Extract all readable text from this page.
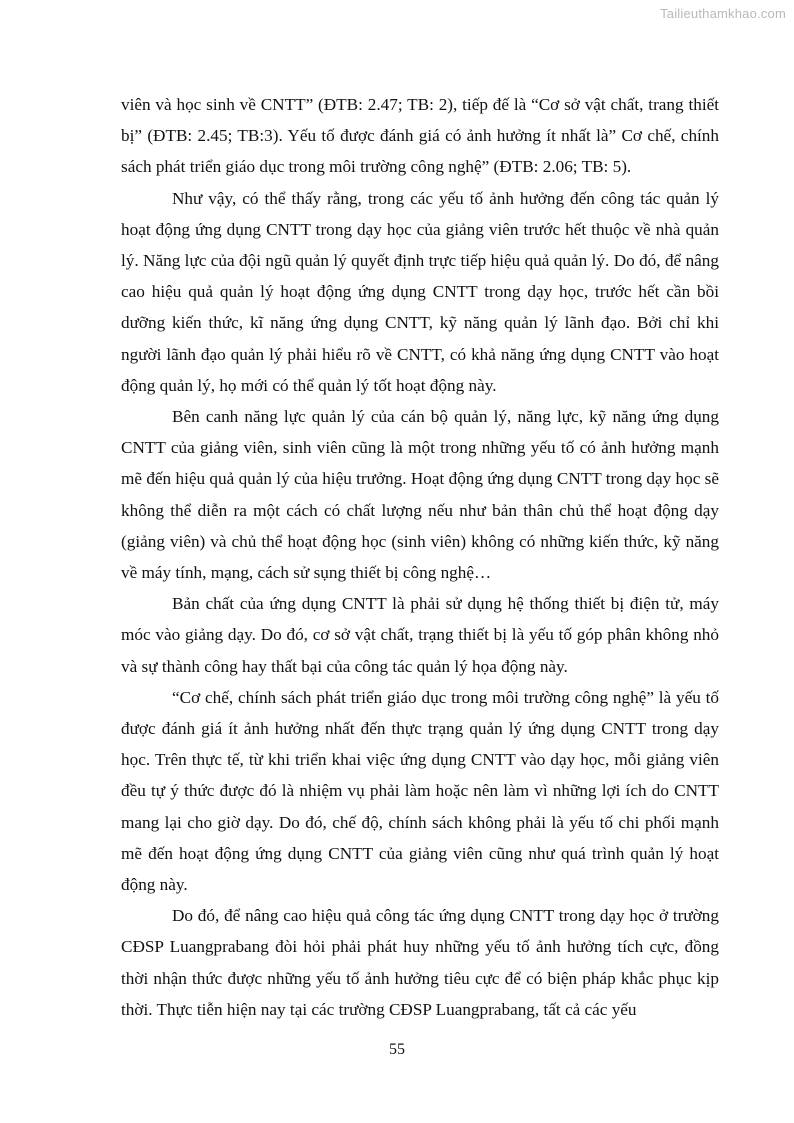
Tailieuthamkhao.com

viên và học sinh về CNTT” (ĐTB: 2.47; TB: 2), tiếp đế là “Cơ sở vật chất, trang thiết bị” (ĐTB: 2.45; TB:3). Yếu tố được đánh giá có ảnh hưởng ít nhất là” Cơ chế, chính sách phát triển giáo dục trong môi trường công nghệ” (ĐTB: 2.06; TB: 5).

Như vậy, có thể thấy rằng, trong các yếu tố ảnh hưởng đến công tác quản lý hoạt động ứng dụng CNTT trong dạy học của giảng viên trước hết thuộc về nhà quản lý. Năng lực của đội ngũ quản lý quyết định trực tiếp hiệu quả quản lý. Do đó, để nâng cao hiệu quả quản lý hoạt động ứng dụng CNTT trong dạy học, trước hết cần bồi dưỡng kiến thức, kĩ năng ứng dụng CNTT, kỹ năng quản lý lãnh đạo. Bởi chỉ khi người lãnh đạo quản lý phải hiểu rõ về CNTT, có khả năng ứng dụng CNTT vào hoạt động quản lý, họ mới có thể quản lý tốt hoạt động này.

Bên canh năng lực quản lý của cán bộ quản lý, năng lực, kỹ năng ứng dụng CNTT của giảng viên, sinh viên cũng là một trong những yếu tố có ảnh hưởng mạnh mẽ đến hiệu quả quản lý của hiệu trưởng. Hoạt động ứng dụng CNTT trong dạy học sẽ không thể diễn ra một cách có chất lượng nếu như bản thân chủ thể hoạt động dạy (giảng viên) và chủ thể hoạt động học (sinh viên) không có những kiến thức, kỹ năng về máy tính, mạng, cách sử sụng thiết bị công nghệ…

Bản chất của ứng dụng CNTT là phải sử dụng hệ thống thiết bị điện tử, máy móc vào giảng dạy. Do đó, cơ sở vật chất, trạng thiết bị là yếu tố góp phân không nhỏ và sự thành công hay thất bại của công tác quản lý họa động này.

“Cơ chế, chính sách phát triển giáo dục trong môi trường công nghệ” là yếu tố được đánh giá ít ảnh hưởng nhất đến thực trạng quản lý ứng dụng CNTT trong dạy học. Trên thực tế, từ khi triển khai việc ứng dụng CNTT vào dạy học, mỗi giảng viên đều tự ý thức được đó là nhiệm vụ phải làm hoặc nên làm vì những lợi ích do CNTT mang lại cho giờ dạy. Do đó, chế độ, chính sách không phải là yếu tố chi phối mạnh mẽ đến hoạt động ứng dụng CNTT của giảng viên cũng như quá trình quản lý hoạt động này.

Do đó, để nâng cao hiệu quả công tác ứng dụng CNTT trong dạy học ở trường CĐSP Luangprabang đòi hỏi phải phát huy những yếu tố ảnh hưởng tích cực, đồng thời nhận thức được những yếu tố ảnh hưởng tiêu cực để có biện pháp khắc phục kịp thời. Thực tiễn hiện nay tại các trường CĐSP Luangprabang, tất cả các yếu

55
